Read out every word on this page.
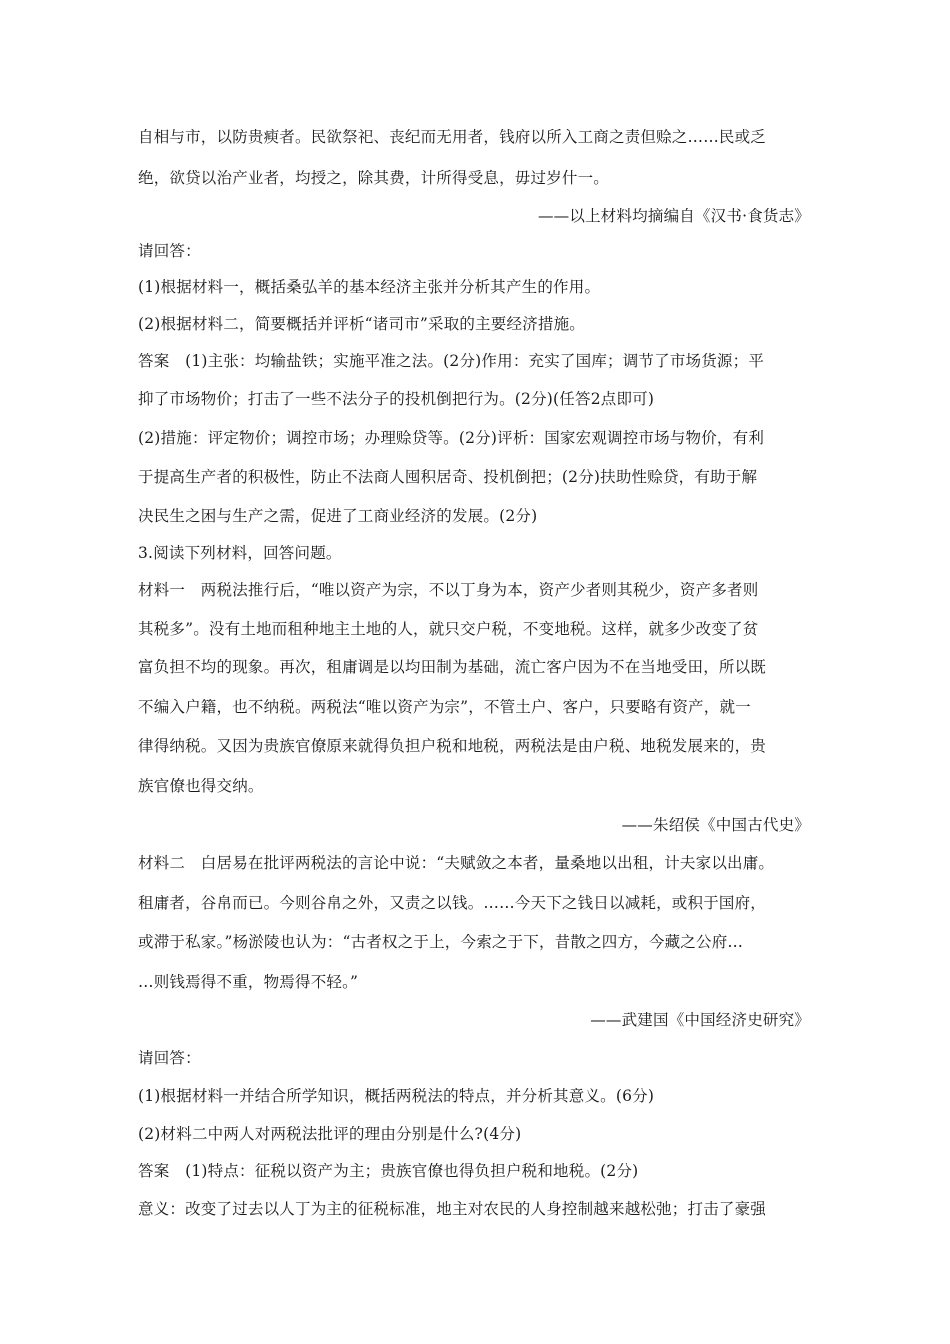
自相与市，以防贵瘐者。民欲祭祀、丧纪而无用者，钱府以所入工商之责但赊之……民或乏
绝，欲贷以治产业者，均授之，除其费，计所得受息，毋过岁什一。
——以上材料均摘编自《汉书·食货志》
请回答：
(1)根据材料一，概括桑弘羊的基本经济主张并分析其产生的作用。
(2)根据材料二，简要概括并评析“诸司市”采取的主要经济措施。
答案　(1)主张：均输盐铁；实施平准之法。(2分)作用：充实了国库；调节了市场货源；平
抑了市场物价；打击了一些不法分子的投机倒把行为。(2分)(任答2点即可)
(2)措施：评定物价；调控市场；办理赊贷等。(2分)评析：国家宏观调控市场与物价，有利
于提高生产者的积极性，防止不法商人囤积居奇、投机倒把；(2分)扶助性赊贷，有助于解
决民生之困与生产之需，促进了工商业经济的发展。(2分)
3.阅读下列材料，回答问题。
材料一　两税法推行后，“唯以资产为宗，不以丁身为本，资产少者则其税少，资产多者则
其税多”。没有土地而租种地主土地的人，就只交户税，不变地税。这样，就多少改变了贫
富负担不均的现象。再次，租庸调是以均田制为基础，流亡客户因为不在当地受田，所以既
不编入户籍，也不纳税。两税法“唯以资产为宗”，不管土户、客户，只要略有资产，就一
律得纳税。又因为贵族官僚原来就得负担户税和地税，两税法是由户税、地税发展来的，贵
族官僚也得交纳。
——朱绍侯《中国古代史》
材料二　白居易在批评两税法的言论中说：“夫赋敛之本者，量桑地以出租，计夫家以出庸。
租庸者，谷帛而已。今则谷帛之外，又责之以钱。……今天下之钱日以减耗，或积于国府，
或滞于私家。”杨淤陵也认为：“古者权之于上，今索之于下，昔散之四方，今藏之公府…
…则钱焉得不重，物焉得不轻。”
——武建国《中国经济史研究》
请回答：
(1)根据材料一并结合所学知识，概括两税法的特点，并分析其意义。(6分)
(2)材料二中两人对两税法批评的理由分别是什么?(4分)
答案　(1)特点：征税以资产为主；贵族官僚也得负担户税和地税。(2分)
意义：改变了过去以人丁为主的征税标准，地主对农民的人身控制越来越松弛；打击了豪强
